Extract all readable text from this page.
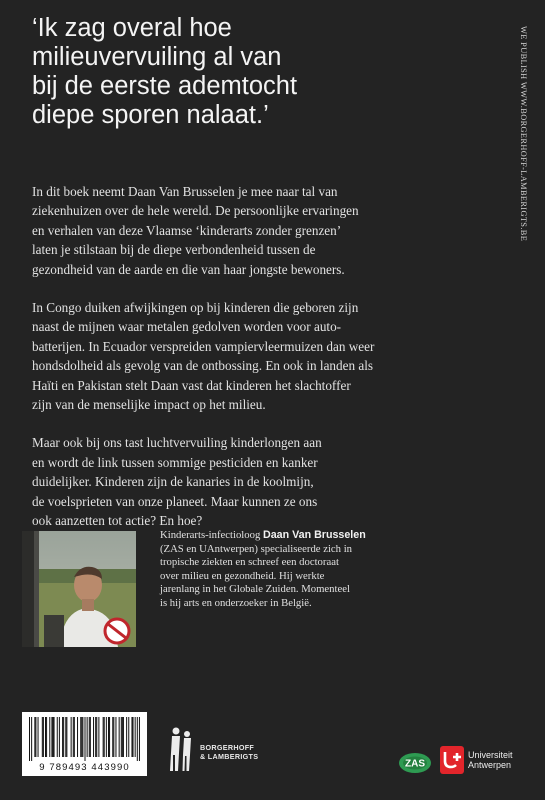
‘Ik zag overal hoe
milieuvervuiling al van
bij de eerste ademtocht
diepe sporen nalaat.’	WE PUBLISH WWW.BORGERHOFF-LAMBERIGTS.BE

In dit boek neemt Daan Van Brusselen je mee naar tal van
ziekenhuizen over de hele wereld. De persoonlijke ervaringen
en verhalen van deze Vlaamse ‘kinderarts zonder grenzen’
laten je stilstaan bij de diepe verbondenheid tussen de
gezondheid van de aarde en die van haar jongste bewoners.

In Congo duiken afwijkingen op bij kinderen die geboren zijn
naast de mijnen waar metalen gedolven worden voor auto-
batterijen. In Ecuador verspreiden vampiervleermuizen dan weer
hondsdolheid als gevolg van de ontbossing. En ook in landen als
Haïti en Pakistan stelt Daan vast dat kinderen het slachtoffer
zijn van de menselijke impact op het milieu.

Maar ook bij ons tast luchtvervuiling kinderlongen aan
en wordt de link tussen sommige pesticiden en kanker
duidelijker. Kinderen zijn de kanaries in de koolmijn,
de voelsprieten van onze planeet. Maar kunnen ze ons
ook aanzetten tot actie? En hoe?

Kinderarts-infectioloog Daan Van Brusselen
(ZAS en UAntwerpen) specialiseerde zich in
tropische ziekten en schreef een doctoraat
over milieu en gezondheid. Hij werkte
jarenlang in het Globale Zuiden. Momenteel
is hij arts en onderzoeker in België.
9 789493 443990
BORGERHOFF
& LAMBERIGTS
ZAS
Universiteit
Antwerpen
